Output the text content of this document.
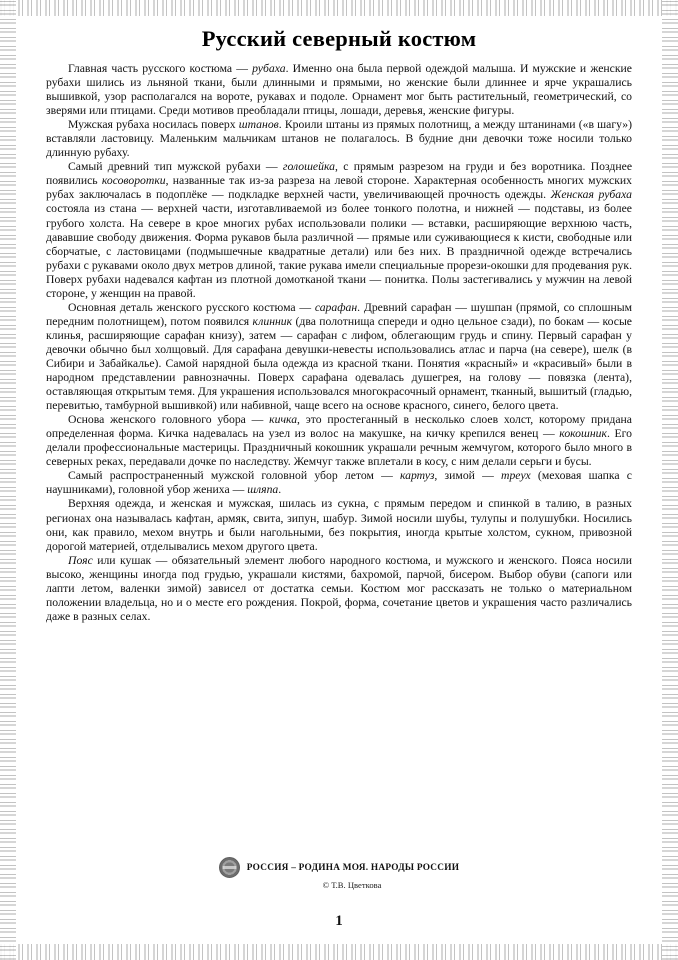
Русский северный костюм

Главная часть русского костюма — рубаха. Именно она была первой одеждой малыша. И мужские и женские рубахи шились из льняной ткани, были длинными и прямыми, но женские были длиннее и ярче украшались вышивкой, узор располагался на вороте, рукавах и подоле. Орнамент мог быть растительный, геометрический, со зверями или птицами. Среди мотивов преобладали птицы, лошади, деревья, женские фигуры.

Мужская рубаха носилась поверх штанов. Кроили штаны из прямых полотнищ, а между штанинами («в шагу») вставляли ластовицу. Маленьким мальчикам штанов не полагалось. В будние дни девочки тоже носили только длинную рубаху.

Самый древний тип мужской рубахи — голошейка, с прямым разрезом на груди и без воротника. Позднее появились косоворотки, названные так из-за разреза на левой стороне. Характерная особенность многих мужских рубах заключалась в подоплёке — подкладке верхней части, увеличивающей прочность одежды. Женская рубаха состояла из стана — верхней части, изготавливаемой из более тонкого полотна, и нижней — подставы, из более грубого холста. На севере в крое многих рубах использовали полики — вставки, расширяющие верхнюю часть, дававшие свободу движения. Форма рукавов была различной — прямые или суживающиеся к кисти, свободные или сборчатые, с ластовицами (подмышечные квадратные детали) или без них. В праздничной одежде встречались рубахи с рукавами около двух метров длиной, такие рукава имели специальные прорези-окошки для продевания рук. Поверх рубахи надевался кафтан из плотной домотканой ткани — понитка. Полы застегивались у мужчин на левой стороне, у женщин на правой.

Основная деталь женского русского костюма — сарафан. Древний сарафан — шушпан (прямой, со сплошным передним полотнищем), потом появился клинник (два полотнища спереди и одно цельное сзади), по бокам — косые клинья, расширяющие сарафан книзу), затем — сарафан с лифом, облегающим грудь и спину. Первый сарафан у девочки обычно был холщовый. Для сарафана девушки-невесты использовались атлас и парча (на севере), шелк (в Сибири и Забайкалье). Самой нарядной была одежда из красной ткани. Понятия «красный» и «красивый» были в народном представлении равнозначны. Поверх сарафана одевалась душегрея, на голову — повязка (лента), оставляющая открытым темя. Для украшения использовался многокрасочный орнамент, тканный, вышитый (гладью, перевитью, тамбурной вышивкой) или набивной, чаще всего на основе красного, синего, белого цвета.

Основа женского головного убора — кичка, это простеганный в несколько слоев холст, которому придана определенная форма. Кичка надевалась на узел из волос на макушке, на кичку крепился венец — кокошник. Его делали профессиональные мастерицы. Праздничный кокошник украшали речным жемчугом, которого было много в северных реках, передавали дочке по наследству. Жемчуг также вплетали в косу, с ним делали серьги и бусы.

Самый распространенный мужской головной убор летом — картуз, зимой — треух (меховая шапка с наушниками), головной убор жениха — шляпа.

Верхняя одежда, и женская и мужская, шилась из сукна, с прямым передом и спинкой в талию, в разных регионах она называлась кафтан, армяк, свита, зипун, шабур. Зимой носили шубы, тулупы и полушубки. Носились они, как правило, мехом внутрь и были нагольными, без покрытия, иногда крытые холстом, сукном, привозной дорогой материей, отделывались мехом другого цвета.

Пояс или кушак — обязательный элемент любого народного костюма, и мужского и женского. Пояса носили высоко, женщины иногда под грудью, украшали кистями, бахромой, парчой, бисером. Выбор обуви (сапоги или лапти летом, валенки зимой) зависел от достатка семьи. Костюм мог рассказать не только о материальном положении владельца, но и о месте его рождения. Покрой, форма, сочетание цветов и украшения часто различались даже в разных селах.

РОССИЯ – РОДИНА МОЯ. НАРОДЫ РОССИИ
© Т.В. Цветкова
1
